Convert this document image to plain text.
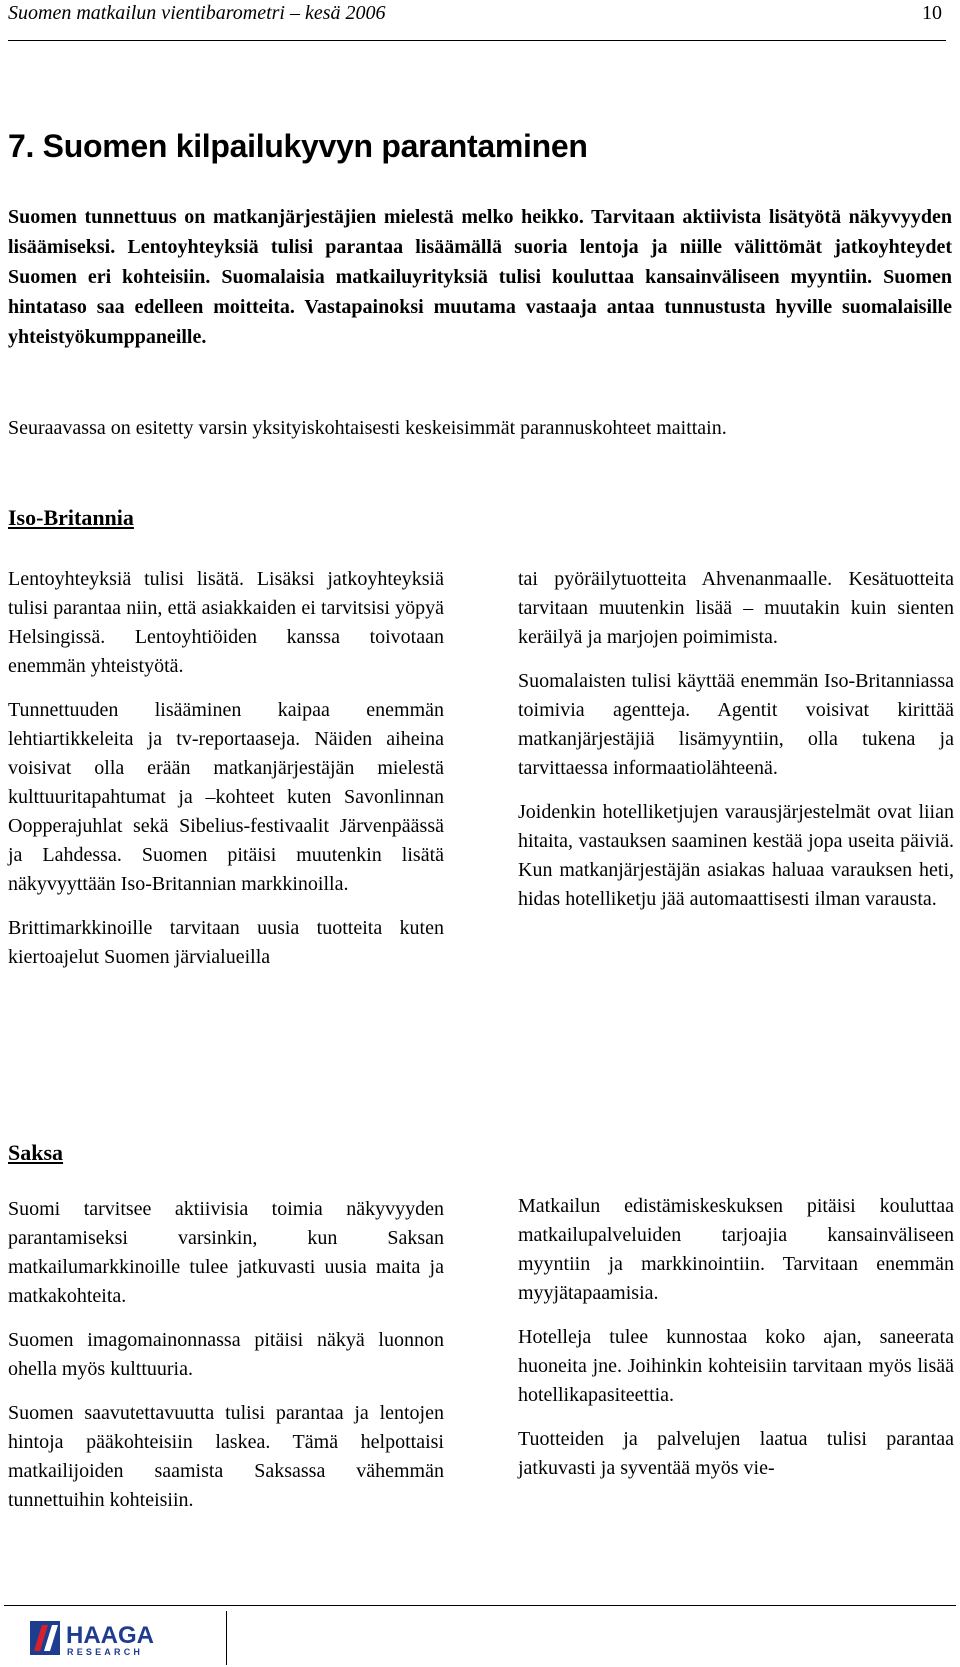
Suomen matkailun vientibarometri – kesä 2006	10
7. Suomen kilpailukyvyn parantaminen

Suomen tunnettuus on matkanjärjestäjien mielestä melko heikko. Tarvitaan aktiivista lisätyötä näkyvyyden lisäämiseksi. Lentoyhteyksiä tulisi parantaa lisäämällä suoria lentoja ja niille välittömät jatkoyhteydet Suomen eri kohteisiin. Suomalaisia matkailuyrityksiä tulisi kouluttaa kansainväliseen myyntiin. Suomen hintataso saa edelleen moitteita. Vastapainoksi muutama vastaaja antaa tunnustusta hyville suomalaisille yhteistyökumppaneille.

Seuraavassa on esitetty varsin yksityiskohtaisesti keskeisimmät parannuskohteet maittain.

Iso-Britannia

Lentoyhteyksiä tulisi lisätä. Lisäksi jatkoyhteyksiä tulisi parantaa niin, että asiakkaiden ei tarvitsisi yöpyä Helsingissä. Lentoyhtiöiden kanssa toivotaan enemmän yhteistyötä.

Tunnettuuden lisääminen kaipaa enemmän lehtiartikkeleita ja tv-reportaaseja. Näiden aiheina voisivat olla erään matkanjärjestäjän mielestä kulttuuritapahtumat ja –kohteet kuten Savonlinnan Oopperajuhlat sekä Sibelius-festivaalit Järvenpäässä ja Lahdessa. Suomen pitäisi muutenkin lisätä näkyvyyttään Iso-Britannian markkinoilla.

Brittimarkkinoille tarvitaan uusia tuotteita kuten kiertoajelut Suomen järvialueilla

tai pyöräilytuotteita Ahvenanmaalle. Kesätuotteita tarvitaan muutenkin lisää – muutakin kuin sienten keräilyä ja marjojen poimimista.

Suomalaisten tulisi käyttää enemmän Iso-Britanniassa toimivia agentteja. Agentit voisivat kirittää matkanjärjestäjiä lisämyyntiin, olla tukena ja tarvittaessa informaatiolähteenä.

Joidenkin hotelliketjujen varausjärjestelmät ovat liian hitaita, vastauksen saaminen kestää jopa useita päiviä. Kun matkanjärjestäjän asiakas haluaa varauksen heti, hidas hotelliketju jää automaattisesti ilman varausta.

Saksa

Suomi tarvitsee aktiivisia toimia näkyvyyden parantamiseksi varsinkin, kun Saksan matkailumarkkinoille tulee jatkuvasti uusia maita ja matkakohteita.

Suomen imagomainonnassa pitäisi näkyä luonnon ohella myös kulttuuria.

Suomen saavutettavuutta tulisi parantaa ja lentojen hintoja pääkohteisiin laskea. Tämä helpottaisi matkailijoiden saamista Saksassa vähemmän tunnettuihin kohteisiin.

Matkailun edistämiskeskuksen pitäisi kouluttaa matkailupalveluiden tarjoajia kansainväliseen myyntiin ja markkinointiin. Tarvitaan enemmän myyjätapaamisia.

Hotelleja tulee kunnostaa koko ajan, saneerata huoneita jne. Joihinkin kohteisiin tarvitaan myös lisää hotellikapasiteettia.

Tuotteiden ja palvelujen laatua tulisi parantaa jatkuvasti ja syventää myös vie-

HAAGA
RESEARCH
